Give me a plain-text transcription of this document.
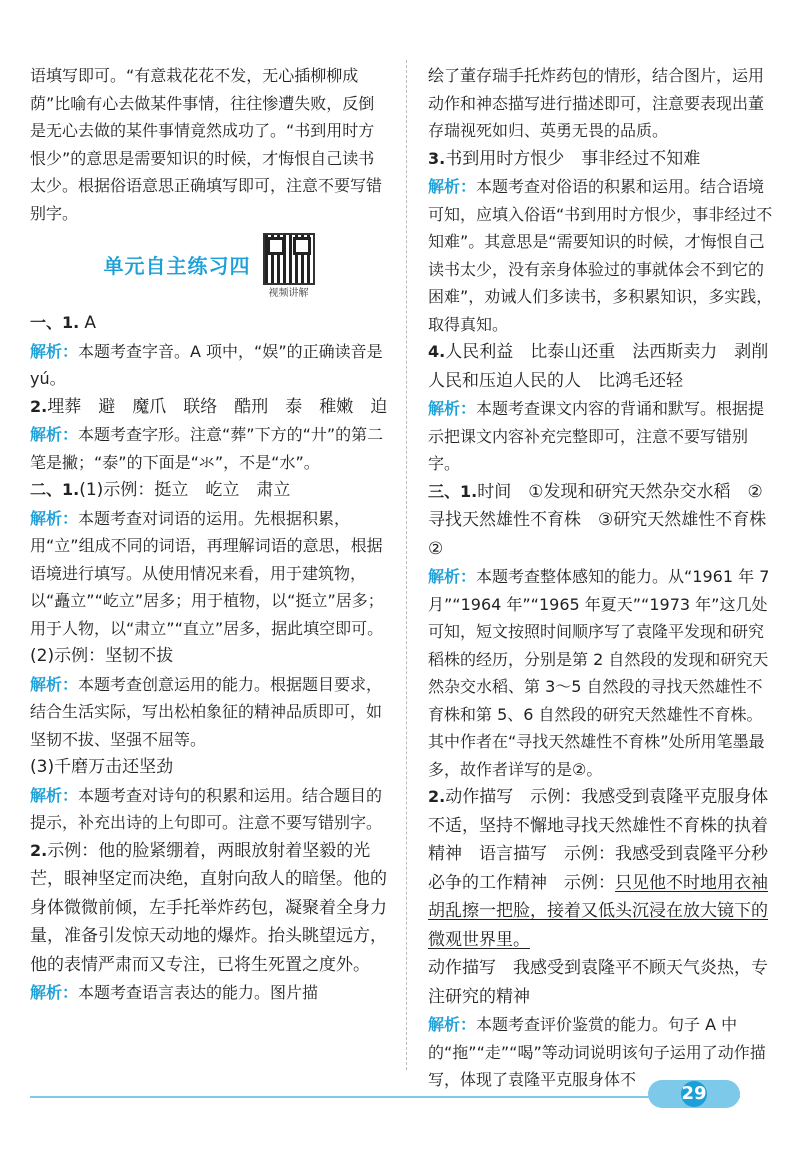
语填写即可。“有意栽花花不发，无心插柳柳成荫”比喻有心去做某件事情，往往惨遭失败，反倒是无心去做的某件事情竟然成功了。“书到用时方恨少”的意思是需要知识的时候，才悔恨自己读书太少。根据俗语意思正确填写即可，注意不要写错别字。

单元自主练习四
视频讲解

一、1. A

解析：本题考查字音。A 项中，“娱”的正确读音是 yú。

2.埋葬　避　魔爪　联络　酷刑　泰　稚嫩　迫

解析：本题考查字形。注意“葬”下方的“廾”的第二笔是撇；“泰”的下面是“氺”，不是“水”。

二、1.(1)示例：挺立　屹立　肃立

解析：本题考查对词语的运用。先根据积累，用“立”组成不同的词语，再理解词语的意思，根据语境进行填写。从使用情况来看，用于建筑物，以“矗立”“屹立”居多；用于植物，以“挺立”居多；用于人物，以“肃立”“直立”居多，据此填空即可。

(2)示例：坚韧不拔

解析：本题考查创意运用的能力。根据题目要求，结合生活实际，写出松柏象征的精神品质即可，如坚韧不拔、坚强不屈等。

(3)千磨万击还坚劲

解析：本题考查对诗句的积累和运用。结合题目的提示，补充出诗的上句即可。注意不要写错别字。

2.示例：他的脸紧绷着，两眼放射着坚毅的光芒，眼神坚定而决绝，直射向敌人的暗堡。他的身体微微前倾，左手托举炸药包，凝聚着全身力量，准备引发惊天动地的爆炸。抬头眺望远方，他的表情严肃而又专注，已将生死置之度外。

解析：本题考查语言表达的能力。图片描

绘了董存瑞手托炸药包的情形，结合图片，运用动作和神态描写进行描述即可，注意要表现出董存瑞视死如归、英勇无畏的品质。

3.书到用时方恨少　事非经过不知难

解析：本题考查对俗语的积累和运用。结合语境可知，应填入俗语“书到用时方恨少，事非经过不知难”。其意思是“需要知识的时候，才悔恨自己读书太少，没有亲身体验过的事就体会不到它的困难”，劝诫人们多读书，多积累知识，多实践，取得真知。

4.人民利益　比泰山还重　法西斯卖力　剥削人民和压迫人民的人　比鸿毛还轻

解析：本题考查课文内容的背诵和默写。根据提示把课文内容补充完整即可，注意不要写错别字。

三、1.时间　①发现和研究天然杂交水稻　②寻找天然雄性不育株　③研究天然雄性不育株　②

解析：本题考查整体感知的能力。从“1961 年 7 月”“1964 年”“1965 年夏天”“1973 年”这几处可知，短文按照时间顺序写了袁隆平发现和研究稻株的经历，分别是第 2 自然段的发现和研究天然杂交水稻、第 3～5 自然段的寻找天然雄性不育株和第 5、6 自然段的研究天然雄性不育株。其中作者在“寻找天然雄性不育株”处所用笔墨最多，故作者详写的是②。

2.动作描写　示例：我感受到袁隆平克服身体不适，坚持不懈地寻找天然雄性不育株的执着精神　语言描写　示例：我感受到袁隆平分秒必争的工作精神　示例：只见他不时地用衣袖胡乱擦一把脸，接着又低头沉浸在放大镜下的微观世界里。

动作描写　我感受到袁隆平不顾天气炎热，专注研究的精神

解析：本题考查评价鉴赏的能力。句子 A 中的“拖”“走”“喝”等动词说明该句子运用了动作描写，体现了袁隆平克服身体不

29
